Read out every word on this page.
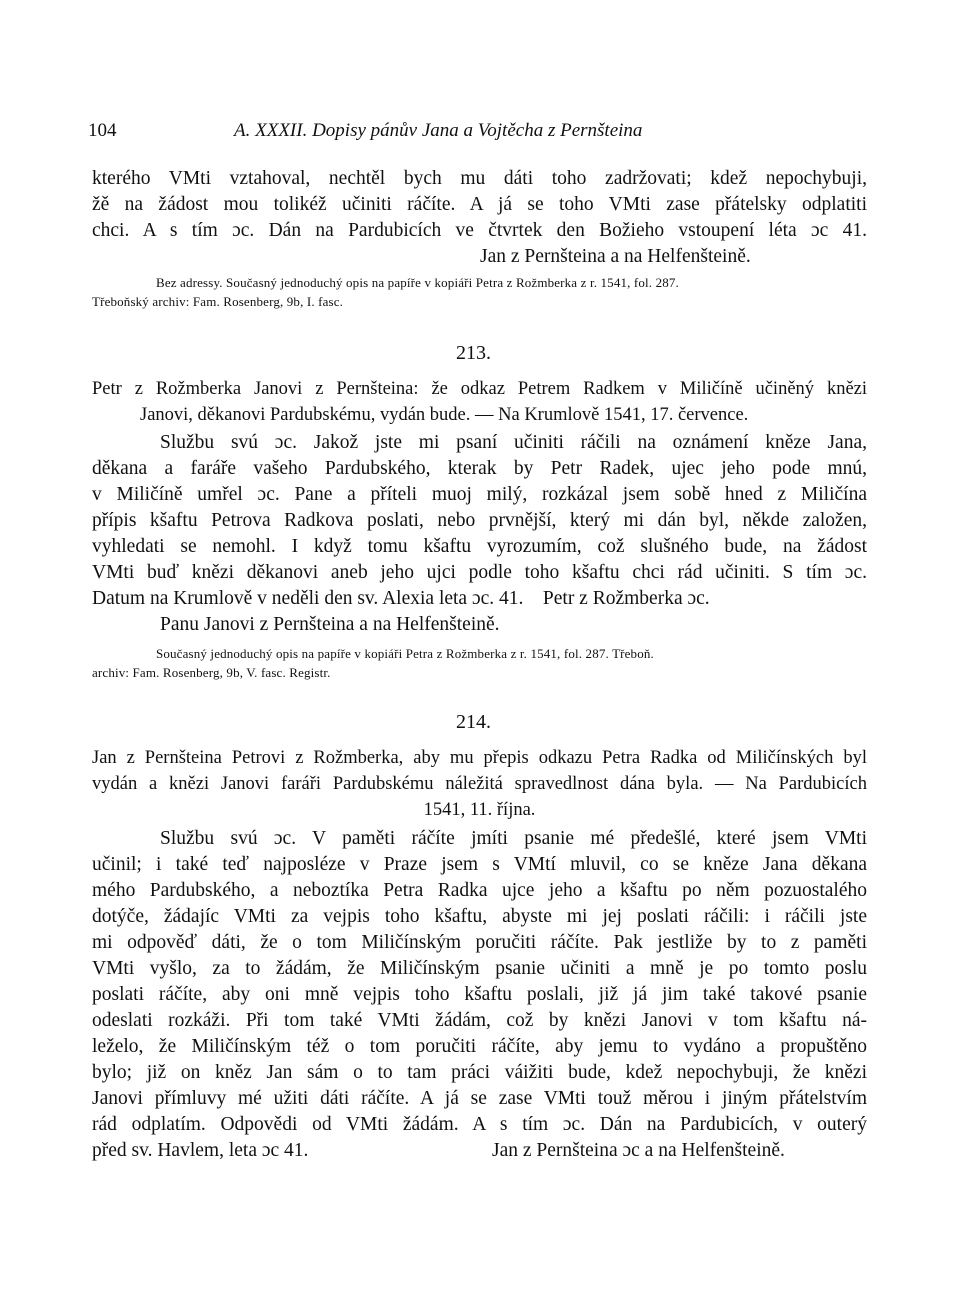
104	A. XXXII. Dopisy pánův Jana a Vojtěcha z Pernšteina
kterého VMti vztahoval, nechtěl bych mu dáti toho zadržovati; kdež nepochybuji,
žě na žádost mou tolikéž učiniti ráčíte. A já se toho VMti zase přátelsky odplatiti
chci. A s tím ɔc. Dán na Pardubicích ve čtvrtek den Božieho vstoupení léta ɔc 41.
Jan z Pernšteina a na Helfenšteině.
Bez adressy. Současný jednoduchý opis na papíře v kopiáři Petra z Rožmberka z r. 1541, fol. 287.
Třeboňský archiv: Fam. Rosenberg, 9b, I. fasc.
213.
Petr z Rožmberka Janovi z Pernšteina: že odkaz Petrem Radkem v Miličíně učiněný knězi
Janovi, děkanovi Pardubskému, vydán bude. — Na Krumlově 1541, 17. července.
Službu svú ɔc. Jakož jste mi psaní učiniti ráčili na oznámení kněze Jana,
děkana a faráře vašeho Pardubského, kterak by Petr Radek, ujec jeho pode mnú,
v Miličíně umřel ɔc. Pane a příteli muoj milý, rozkázal jsem sobě hned z Miličína
přípis kšaftu Petrova Radkova poslati, nebo prvnější, který mi dán byl, někde založen,
vyhledati se nemohl. I když tomu kšaftu vyrozumím, což slušného bude, na žádost
VMti buď knězi děkanovi aneb jeho ujci podle toho kšaftu chci rád učiniti. S tím ɔc.
Datum na Krumlově v neděli den sv. Alexia leta ɔc. 41.    Petr z Rožmberka ɔc.
Panu Janovi z Pernšteina a na Helfenšteině.
Současný jednoduchý opis na papíře v kopiáři Petra z Rožmberka z r. 1541, fol. 287. Třeboň.
archiv: Fam. Rosenberg, 9b, V. fasc. Registr.
214.
Jan z Pernšteina Petrovi z Rožmberka, aby mu přepis odkazu Petra Radka od Miličínských byl
vydán a knězi Janovi faráři Pardubskému náležitá spravedlnost dána byla. — Na Pardubicích
1541, 11. října.
Službu svú ɔc. V paměti ráčíte jmíti psanie mé předešlé, které jsem VMti
učinil; i také teď najposléze v Praze jsem s VMtí mluvil, co se kněze Jana děkana
mého Pardubského, a neboztíka Petra Radka ujce jeho a kšaftu po něm pozuostalého
dotýče, žádajíc VMti za vejpis toho kšaftu, abyste mi jej poslati ráčili: i ráčili jste
mi odpověď dáti, že o tom Miličínským poručiti ráčíte. Pak jestliže by to z paměti
VMti vyšlo, za to žádám, že Miličínským psanie učiniti a mně je po tomto poslu
poslati ráčíte, aby oni mně vejpis toho kšaftu poslali, již já jim také takové psanie
odeslati rozkáži. Při tom také VMti žádám, což by knězi Janovi v tom kšaftu ná-
leželo, že Miličínským též o tom poručiti ráčíte, aby jemu to vydáno a propuštěno
bylo; již on kněz Jan sám o to tam práci váižiti bude, kdež nepochybuji, že knězi
Janovi přímluvy mé užiti dáti ráčíte. A já se zase VMti touž měrou i jiným přátelstvím
rád odplatím. Odpovědi od VMti žádám. A s tím ɔc. Dán na Pardubicích, v outerý
před sv. Havlem, leta ɔc 41.	Jan z Pernšteina ɔc a na Helfenšteině.
